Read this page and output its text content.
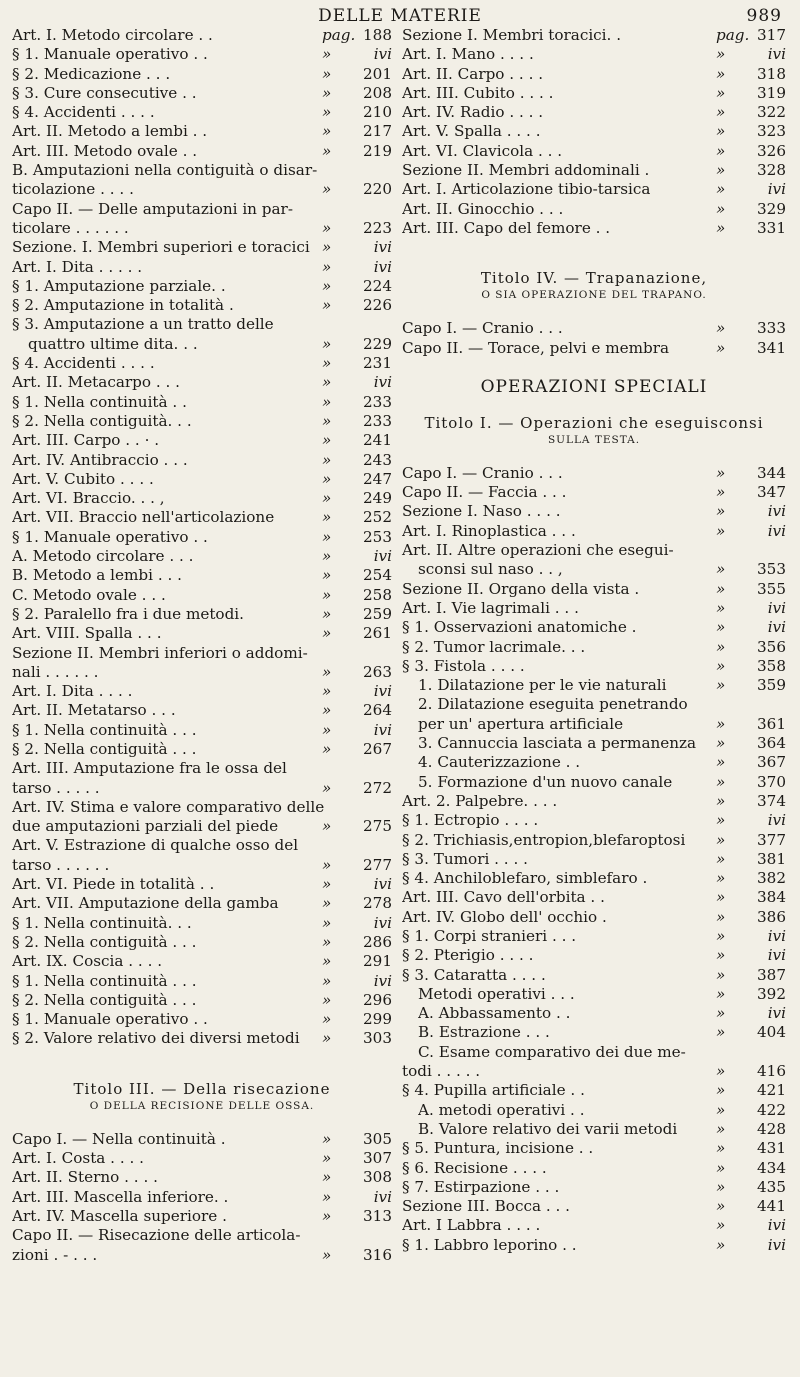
DELLE MATERIE	989
Art. I. Metodo circolare . .	pag. 188
§ 1. Manuale operativo . .	»	ivi
§ 2. Medicazione . . .	» 201
§ 3. Cure consecutive . .	» 208
§ 4. Accidenti . . . .	» 210
Art. II. Metodo a lembi . .	» 217
Art. III. Metodo ovale . .	» 219
B. Amputazioni nella contiguità o disar-
ticolazione . . . .	» 220
Capo II. — Delle amputazioni in par-
ticolare . . . . . .	» 223
Sezione. I. Membri superiori e toracici »	ivi
Art. I. Dita . . . . .	»	ivi
§ 1. Amputazione parziale. .	» 224
§ 2. Amputazione in totalità .	» 226
§ 3. Amputazione a un tratto delle
quattro ultime dita. . .	» 229
§ 4. Accidenti . . . .	» 231
Art. II. Metacarpo . . .	»	ivi
§ 1. Nella continuità . .	» 233
§ 2. Nella contiguità. . .	» 233
Art. III. Carpo . . · .	» 241
Art. IV. Antibraccio . . .	» 243
Art. V. Cubito . . . .	» 247
Art. VI. Braccio. . . ,	» 249
Art. VII. Braccio nell'articolazione	» 252
§ 1. Manuale operativo . .	» 253
A. Metodo circolare . . .	»	ivi
B. Metodo a lembi . . .	» 254
C. Metodo ovale . . .	» 258
§ 2. Paralello fra i due metodi.	» 259
Art. VIII. Spalla . . .	» 261
Sezione II. Membri inferiori o addomi-
nali . . . . . .	» 263
Art. I. Dita . . . .	»	ivi
Art. II. Metatarso . . .	» 264
§ 1. Nella continuità . . .	»	ivi
§ 2. Nella contiguità . . .	» 267
Art. III. Amputazione fra le ossa del
tarso . . . . .	» 272
Art. IV. Stima e valore comparativo delle
due amputazioni parziali del piede	» 275
Art. V. Estrazione di qualche osso del
tarso . . . . . .	» 277
Art. VI. Piede in totalità . .	»	ivi
Art. VII. Amputazione della gamba	» 278
§ 1. Nella continuità. . .	»	ivi
§ 2. Nella contiguità . . .	» 286
Art. IX. Coscia . . . .	» 291
§ 1. Nella continuità . . .	»	ivi
§ 2. Nella contiguità . . .	» 296
§ 1. Manuale operativo . .	» 299
§ 2. Valore relativo dei diversi metodi » 303
Titolo III. — Della risecazione
O DELLA RECISIONE DELLE OSSA.
Capo I. — Nella continuità .	» 305
Art. I. Costa . . . .	» 307
Art. II. Sterno . . . .	» 308
Art. III. Mascella inferiore. .	»	ivi
Art. IV. Mascella superiore .	» 313
Capo II. — Risecazione delle articola-
zioni . - . . .	» 316
Sezione I. Membri toracici. .	pag. 317
Art. I. Mano . . . .	»	ivi
Art. II. Carpo . . . .	» 318
Art. III. Cubito . . . .	» 319
Art. IV. Radio . . . .	» 322
Art. V. Spalla . . . .	» 323
Art. VI. Clavicola . . .	» 326
Sezione II. Membri addominali .	» 328
Art. I. Articolazione tibio-tarsica	»	ivi
Art. II. Ginocchio . . .	» 329
Art. III. Capo del femore . .	» 331
Titolo IV. — Trapanazione,
O SIA OPERAZIONE DEL TRAPANO.
Capo I. — Cranio . . .	» 333
Capo II. — Torace, pelvi e membra	» 341
OPERAZIONI SPECIALI
Titolo I. — Operazioni che eseguisconsi
SULLA TESTA.
Capo I. — Cranio . . .	» 344
Capo II. — Faccia . . .	» 347
Sezione I. Naso . . . .	»	ivi
Art. I. Rinoplastica . . .	»	ivi
Art. II. Altre operazioni che esegui-
sconsi sul naso . . ,	» 353
Sezione II. Organo della vista .	» 355
Art. I. Vie lagrimali . . .	»	ivi
§ 1. Osservazioni anatomiche .	»	ivi
§ 2. Tumor lacrimale. . .	» 356
§ 3. Fistola . . . .	» 358
1. Dilatazione per le vie naturali	» 359
2. Dilatazione eseguita penetrando
per un' apertura artificiale	» 361
3. Cannuccia lasciata a permanenza » 364
4. Cauterizzazione . .	» 367
5. Formazione d'un nuovo canale	» 370
Art. 2. Palpebre. . . .	» 374
§ 1. Ectropio . . . .	»	ivi
§ 2. Trichiasis,entropion,blefaroptosi » 377
§ 3. Tumori . . . .	» 381
§ 4. Anchiloblefaro, simblefaro .	» 382
Art. III. Cavo dell'orbita . .	» 384
Art. IV. Globo dell' occhio .	» 386
§ 1. Corpi stranieri . . .	»	ivi
§ 2. Pterigio . . . .	»	ivi
§ 3. Cataratta . . . .	» 387
Metodi operativi . . .	» 392
A. Abbassamento . .	»	ivi
B. Estrazione . . .	» 404
C. Esame comparativo dei due me-
todi . . . . .	» 416
§ 4. Pupilla artificiale . .	» 421
A. metodi operativi . .	» 422
B. Valore relativo dei varii metodi	» 428
§ 5. Puntura, incisione . .	» 431
§ 6. Recisione . . . .	» 434
§ 7. Estirpazione . . .	» 435
Sezione III. Bocca . . .	» 441
Art. I Labbra . . . .	»	ivi
§ 1. Labbro leporino . .	»	ivi
